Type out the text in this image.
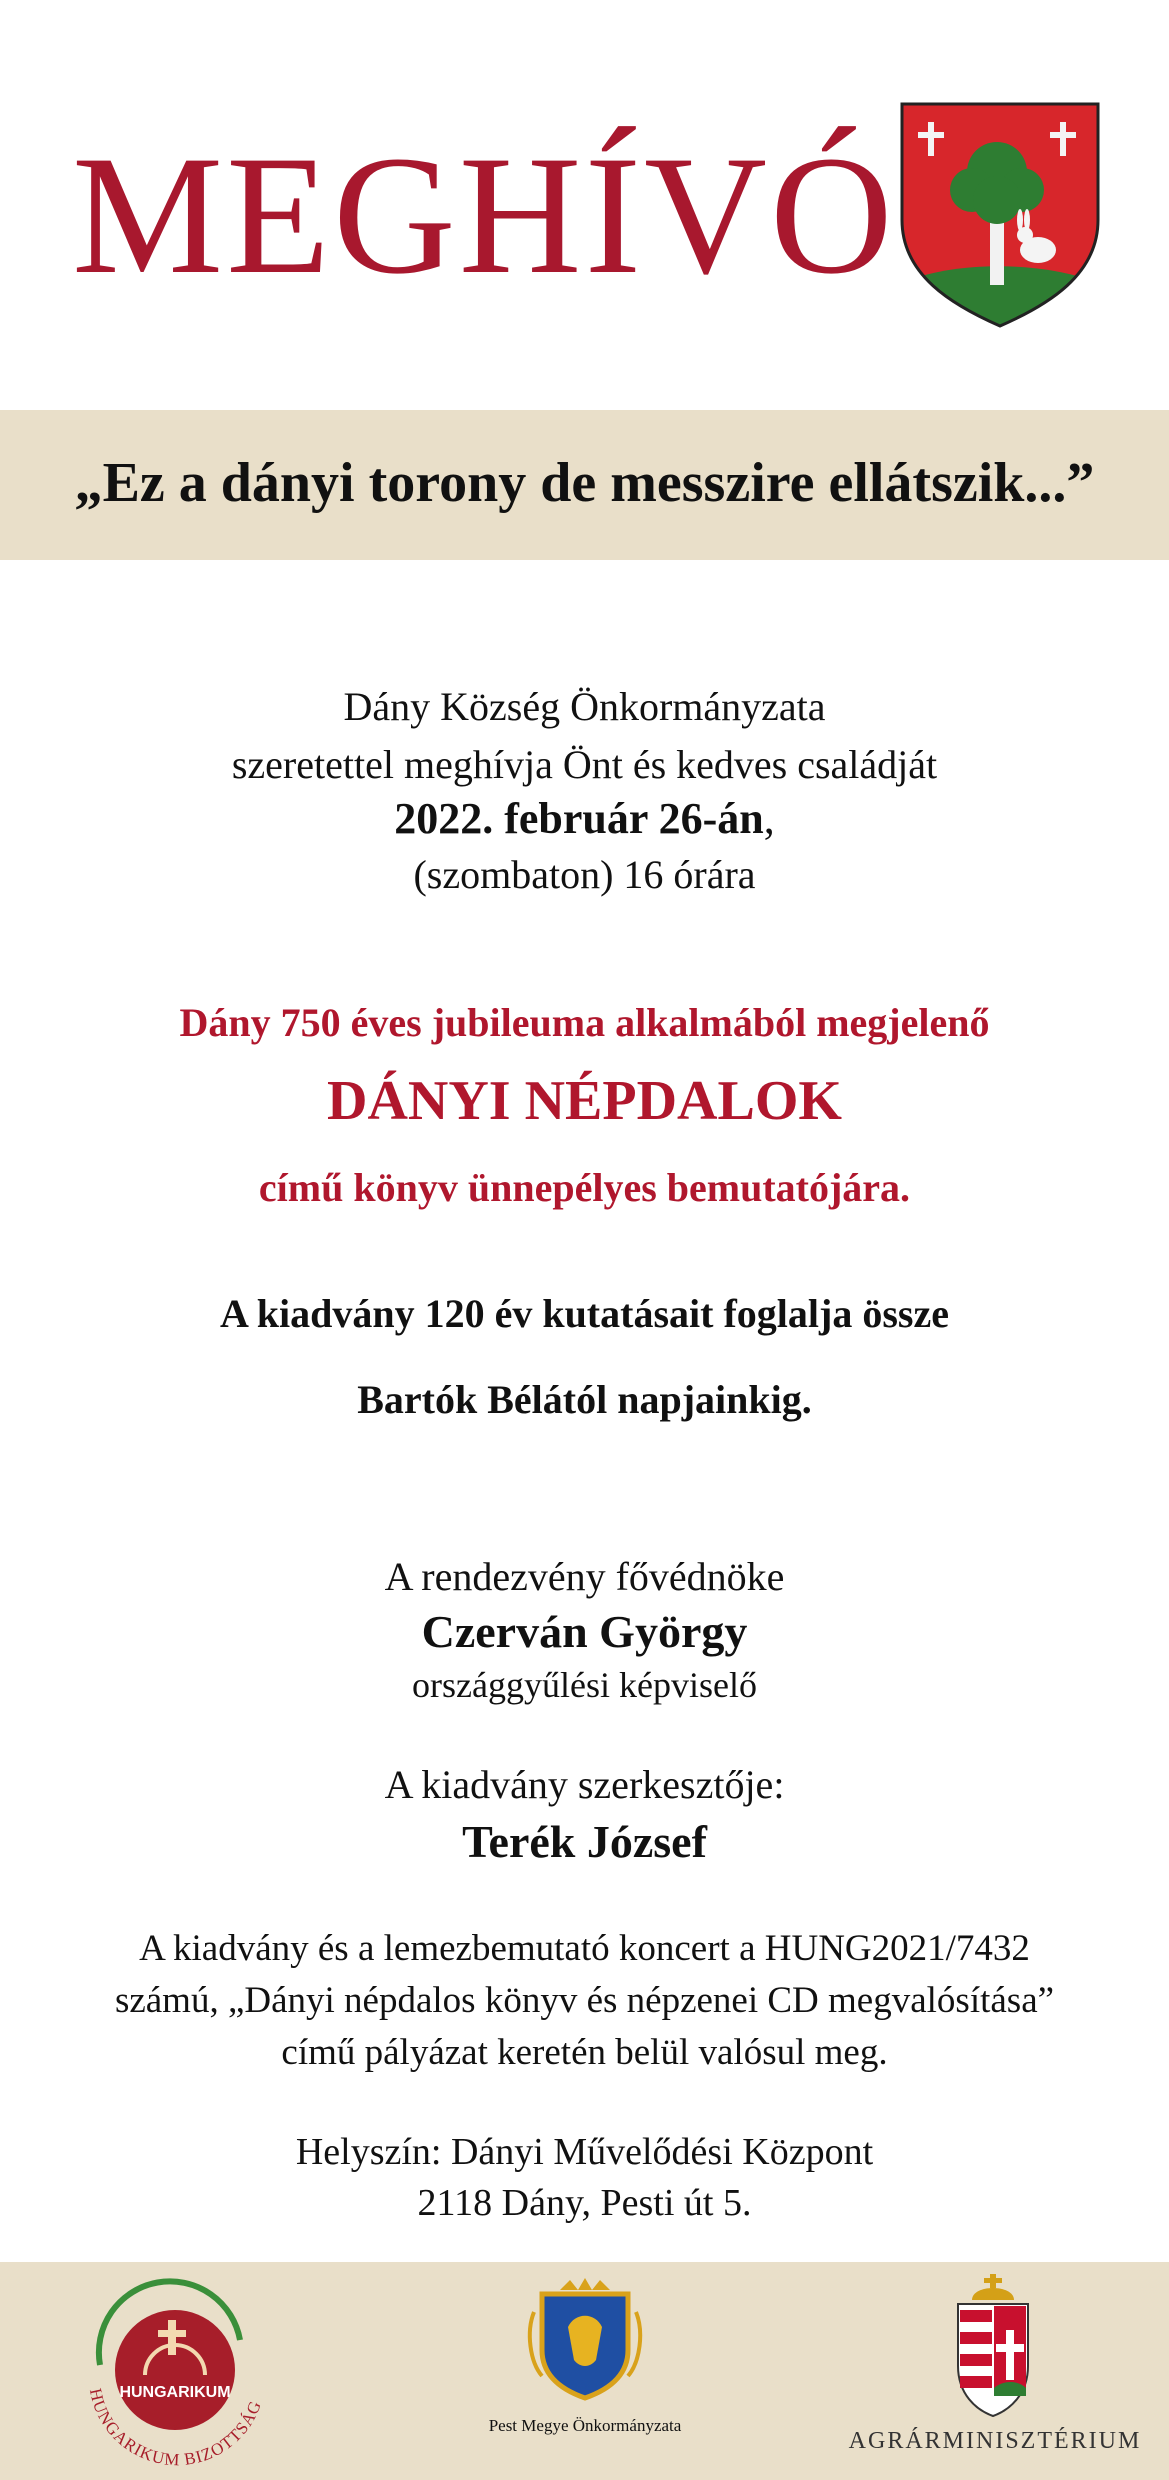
MEGHÍVÓ
„Ez a dányi torony de messzire ellátszik...”
Dány Község Önkormányzata
szeretettel meghívja Önt és kedves családját
2022. február 26-án,
(szombaton) 16 órára
Dány 750 éves jubileuma alkalmából megjelenő
DÁNYI NÉPDALOK
című könyv ünnepélyes bemutatójára.
A kiadvány 120 év kutatásait foglalja össze
Bartók Bélától napjainkig.
A rendezvény fővédnöke
Czerván György
országgyűlési képviselő
A kiadvány szerkesztője:
Terék József
A kiadvány és a lemezbemutató koncert a HUNG2021/7432
számú, „Dányi népdalos könyv és népzenei CD megvalósítása”
című pályázat keretén belül valósul meg.
Helyszín: Dányi Művelődési Központ
2118 Dány, Pesti út 5.
HUNGARIKUM
HUNGARIKUM BIZOTTSÁG
Pest Megye Önkormányzata
AGRÁRMINISZTÉRIUM
